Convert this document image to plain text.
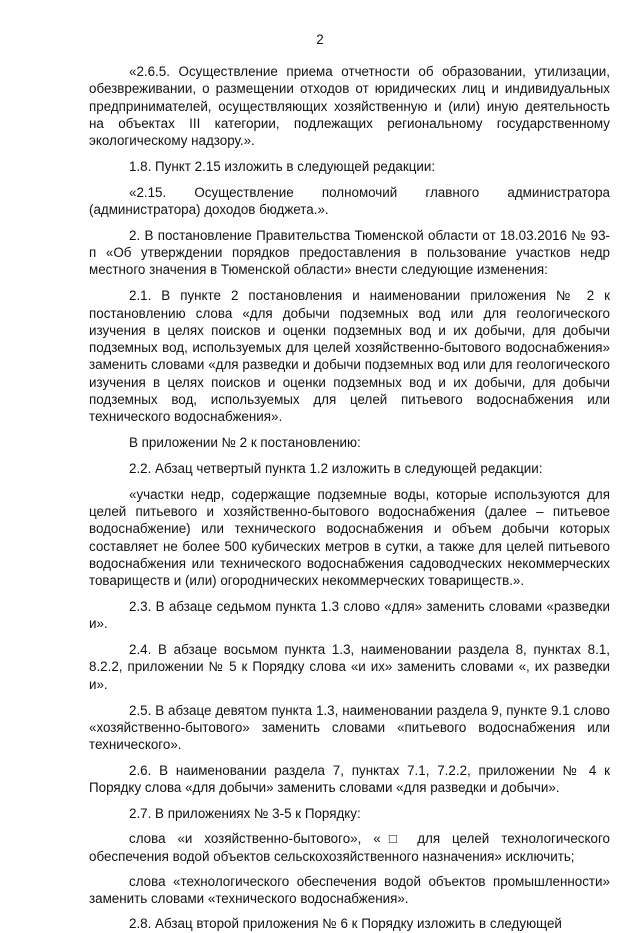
2

«2.6.5. Осуществление приема отчетности об образовании, утилизации, обезвреживании, о размещении отходов от юридических лиц и индивидуальных предпринимателей, осуществляющих хозяйственную и (или) иную деятельность на объектах III категории, подлежащих региональному государственному экологическому надзору.».

1.8. Пункт 2.15 изложить в следующей редакции:

«2.15. Осуществление полномочий главного администратора (администратора) доходов бюджета.».

2. В постановление Правительства Тюменской области от 18.03.2016 № 93-п «Об утверждении порядков предоставления в пользование участков недр местного значения в Тюменской области» внести следующие изменения:

2.1. В пункте 2 постановления и наименовании приложения № 2 к постановлению слова «для добычи подземных вод или для геологического изучения в целях поисков и оценки подземных вод и их добычи, для добычи подземных вод, используемых для целей хозяйственно-бытового водоснабжения» заменить словами «для разведки и добычи подземных вод или для геологического изучения в целях поисков и оценки подземных вод и их добычи, для добычи подземных вод, используемых для целей питьевого водоснабжения или технического водоснабжения».

В приложении № 2 к постановлению:

2.2. Абзац четвертый пункта 1.2 изложить в следующей редакции:

«участки недр, содержащие подземные воды, которые используются для целей питьевого и хозяйственно-бытового водоснабжения (далее – питьевое водоснабжение) или технического водоснабжения и объем добычи которых составляет не более 500 кубических метров в сутки, а также для целей питьевого водоснабжения или технического водоснабжения садоводческих некоммерческих товариществ и (или) огороднических некоммерческих товариществ.».

2.3. В абзаце седьмом пункта 1.3 слово «для» заменить словами «разведки и».

2.4. В абзаце восьмом пункта 1.3, наименовании раздела 8, пунктах 8.1, 8.2.2, приложении № 5 к Порядку слова «и их» заменить словами «, их разведки и».

2.5. В абзаце девятом пункта 1.3, наименовании раздела 9, пункте 9.1 слово «хозяйственно-бытового» заменить словами «питьевого водоснабжения или технического».

2.6. В наименовании раздела 7, пунктах 7.1, 7.2.2, приложении № 4 к Порядку слова «для добычи» заменить словами «для разведки и добычи».

2.7. В приложениях № 3-5 к Порядку:

слова «и хозяйственно-бытового», «□ для целей технологического обеспечения водой объектов сельскохозяйственного назначения» исключить;

слова «технологического обеспечения водой объектов промышленности» заменить словами «технического водоснабжения».

2.8. Абзац второй приложения № 6 к Порядку изложить в следующей
